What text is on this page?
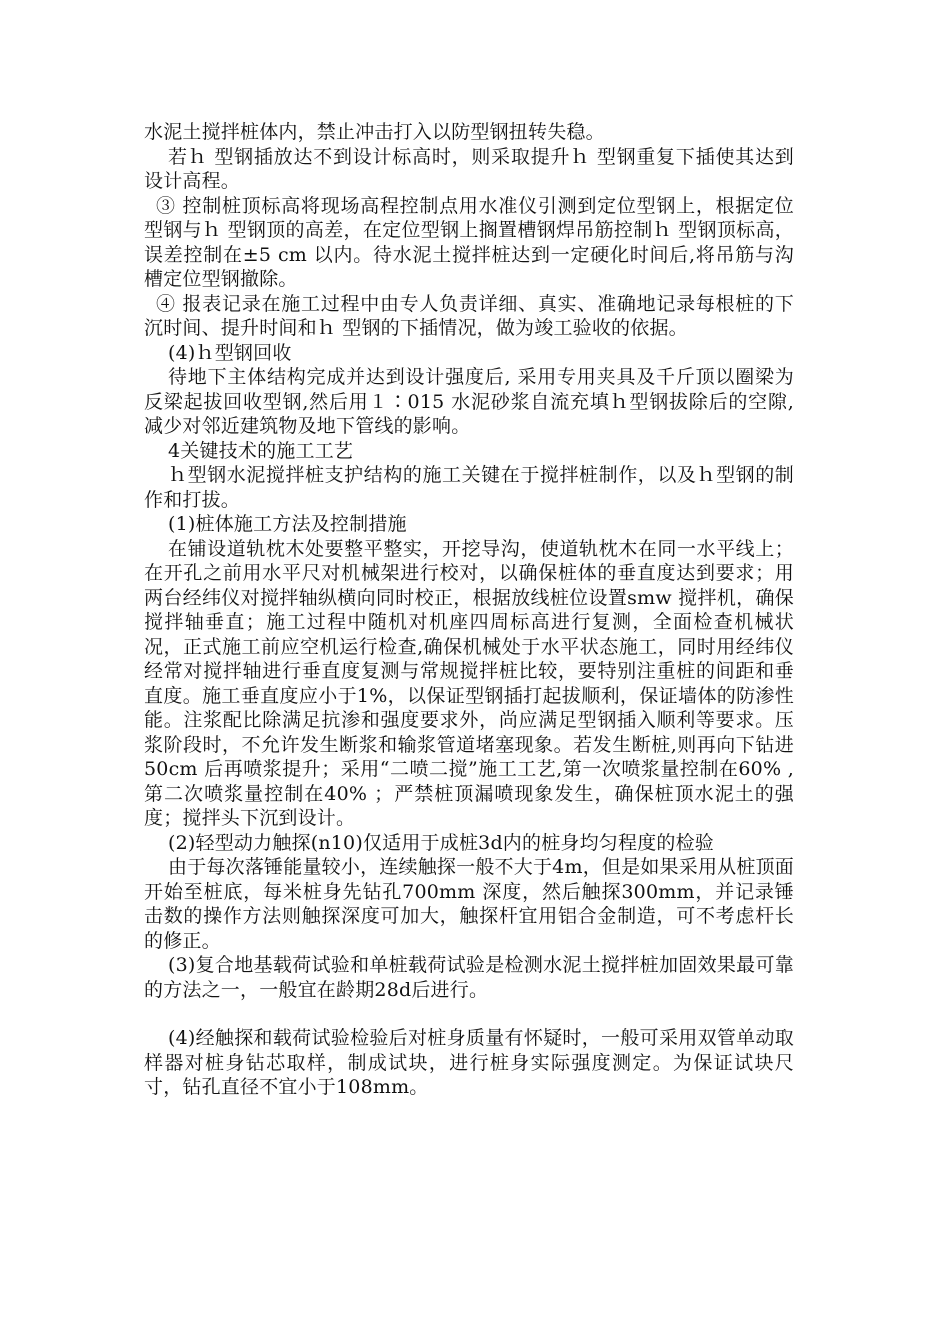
水泥土搅拌桩体内，禁止冲击打入以防型钢扭转失稳。

若ｈ 型钢插放达不到设计标高时，则采取提升ｈ 型钢重复下插使其达到设计高程。

③ 控制桩顶标高将现场高程控制点用水准仪引测到定位型钢上，根据定位型钢与ｈ 型钢顶的高差，在定位型钢上搁置槽钢焊吊筋控制ｈ 型钢顶标高，误差控制在±5 cm 以内。待水泥土搅拌桩达到一定硬化时间后,将吊筋与沟槽定位型钢撤除。

④ 报表记录在施工过程中由专人负责详细、真实、准确地记录每根桩的下沉时间、提升时间和ｈ 型钢的下插情况，做为竣工验收的依据。

(4)ｈ型钢回收

待地下主体结构完成并达到设计强度后, 采用专用夹具及千斤顶以圈梁为反梁起拔回收型钢,然后用１∶015 水泥砂浆自流充填ｈ型钢拔除后的空隙,减少对邻近建筑物及地下管线的影响。

4关键技术的施工工艺

ｈ型钢水泥搅拌桩支护结构的施工关键在于搅拌桩制作，以及ｈ型钢的制作和打拔。

(1)桩体施工方法及控制措施

在铺设道轨枕木处要整平整实，开挖导沟，使道轨枕木在同一水平线上；在开孔之前用水平尺对机械架进行校对，以确保桩体的垂直度达到要求；用两台经纬仪对搅拌轴纵横向同时校正，根据放线桩位设置smw 搅拌机，确保搅拌轴垂直；施工过程中随机对机座四周标高进行复测，全面检查机械状况，正式施工前应空机运行检查,确保机械处于水平状态施工，同时用经纬仪经常对搅拌轴进行垂直度复测与常规搅拌桩比较，要特别注重桩的间距和垂直度。施工垂直度应小于1%，以保证型钢插打起拔顺利，保证墙体的防渗性能。注浆配比除满足抗渗和强度要求外，尚应满足型钢插入顺利等要求。压浆阶段时，不允许发生断浆和输浆管道堵塞现象。若发生断桩,则再向下钻进50cm 后再喷浆提升；采用“二喷二搅”施工工艺,第一次喷浆量控制在60% ,第二次喷浆量控制在40% ；严禁桩顶漏喷现象发生，确保桩顶水泥土的强度；搅拌头下沉到设计。

(2)轻型动力触探(n10)仅适用于成桩3d内的桩身均匀程度的检验

由于每次落锤能量较小，连续触探一般不大于4m，但是如果采用从桩顶面开始至桩底，每米桩身先钻孔700mm 深度，然后触探300mm，并记录锤击数的操作方法则触探深度可加大，触探杆宜用铝合金制造，可不考虑杆长的修正。

(3)复合地基载荷试验和单桩载荷试验是检测水泥土搅拌桩加固效果最可靠的方法之一，一般宜在龄期28d后进行。

(4)经触探和载荷试验检验后对桩身质量有怀疑时，一般可采用双管单动取样器对桩身钻芯取样，制成试块，进行桩身实际强度测定。为保证试块尺寸，钻孔直径不宜小于108mm。
